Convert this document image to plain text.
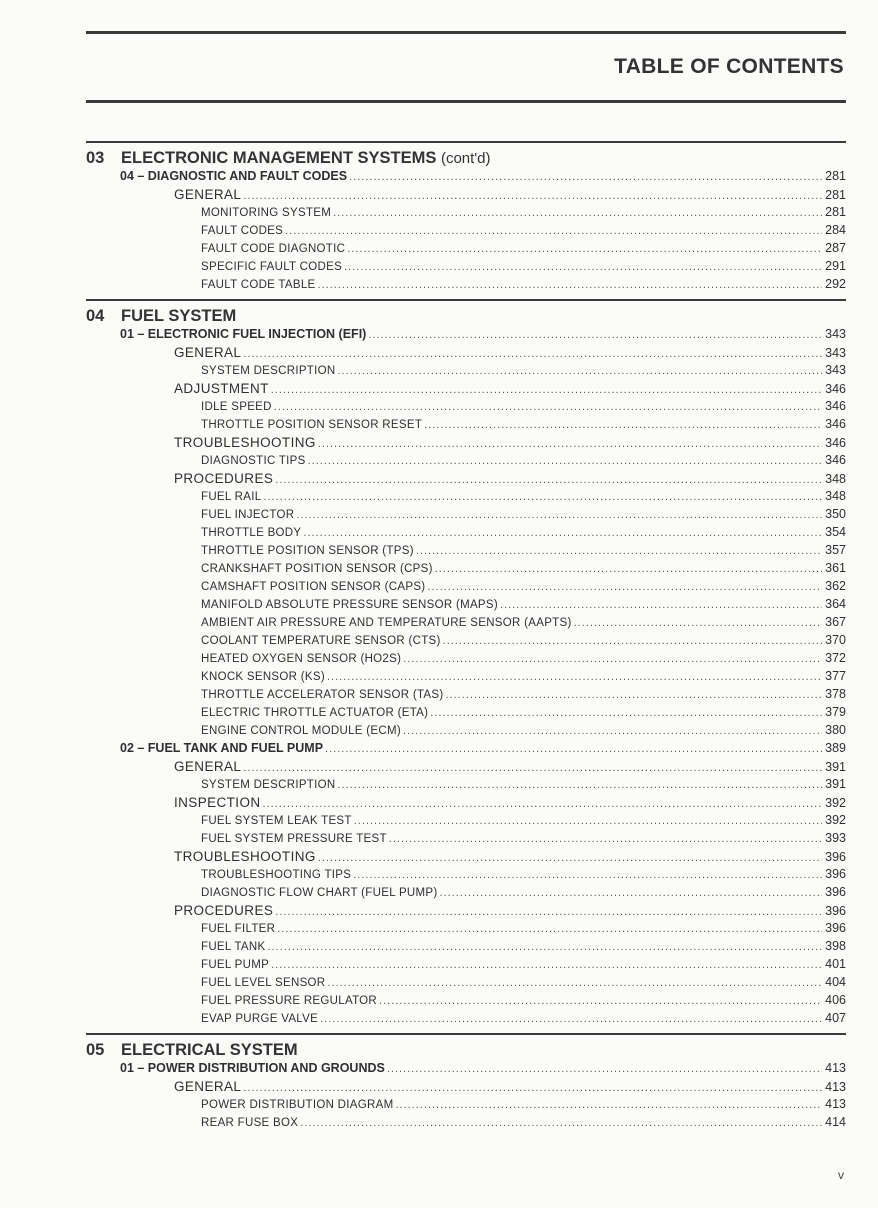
TABLE OF CONTENTS
03 ELECTRONIC MANAGEMENT SYSTEMS (cont'd)
04 – DIAGNOSTIC AND FAULT CODES .....	281
GENERAL .....	281
MONITORING SYSTEM .....	281
FAULT CODES .....	284
FAULT CODE DIAGNOTIC .....	287
SPECIFIC FAULT CODES .....	291
FAULT CODE TABLE .....	292
04 FUEL SYSTEM
01 – ELECTRONIC FUEL INJECTION (EFI) .....	343
GENERAL .....	343
SYSTEM DESCRIPTION .....	343
ADJUSTMENT .....	346
IDLE SPEED .....	346
THROTTLE POSITION SENSOR RESET .....	346
TROUBLESHOOTING .....	346
DIAGNOSTIC TIPS .....	346
PROCEDURES .....	348
FUEL RAIL .....	348
FUEL INJECTOR .....	350
THROTTLE BODY .....	354
THROTTLE POSITION SENSOR (TPS) .....	357
CRANKSHAFT POSITION SENSOR (CPS) .....	361
CAMSHAFT POSITION SENSOR (CAPS) .....	362
MANIFOLD ABSOLUTE PRESSURE SENSOR (MAPS) .....	364
AMBIENT AIR PRESSURE AND TEMPERATURE SENSOR (AAPTS) .....	367
COOLANT TEMPERATURE SENSOR (CTS) .....	370
HEATED OXYGEN SENSOR (HO2S) .....	372
KNOCK SENSOR (KS) .....	377
THROTTLE ACCELERATOR SENSOR (TAS) .....	378
ELECTRIC THROTTLE ACTUATOR (ETA) .....	379
ENGINE CONTROL MODULE (ECM) .....	380
02 – FUEL TANK AND FUEL PUMP .....	389
GENERAL .....	391
SYSTEM DESCRIPTION .....	391
INSPECTION .....	392
FUEL SYSTEM LEAK TEST .....	392
FUEL SYSTEM PRESSURE TEST .....	393
TROUBLESHOOTING .....	396
TROUBLESHOOTING TIPS .....	396
DIAGNOSTIC FLOW CHART (FUEL PUMP) .....	396
PROCEDURES .....	396
FUEL FILTER .....	396
FUEL TANK .....	398
FUEL PUMP .....	401
FUEL LEVEL SENSOR .....	404
FUEL PRESSURE REGULATOR .....	406
EVAP PURGE VALVE .....	407
05 ELECTRICAL SYSTEM
01 – POWER DISTRIBUTION AND GROUNDS .....	413
GENERAL .....	413
POWER DISTRIBUTION DIAGRAM .....	413
REAR FUSE BOX .....	414
v
